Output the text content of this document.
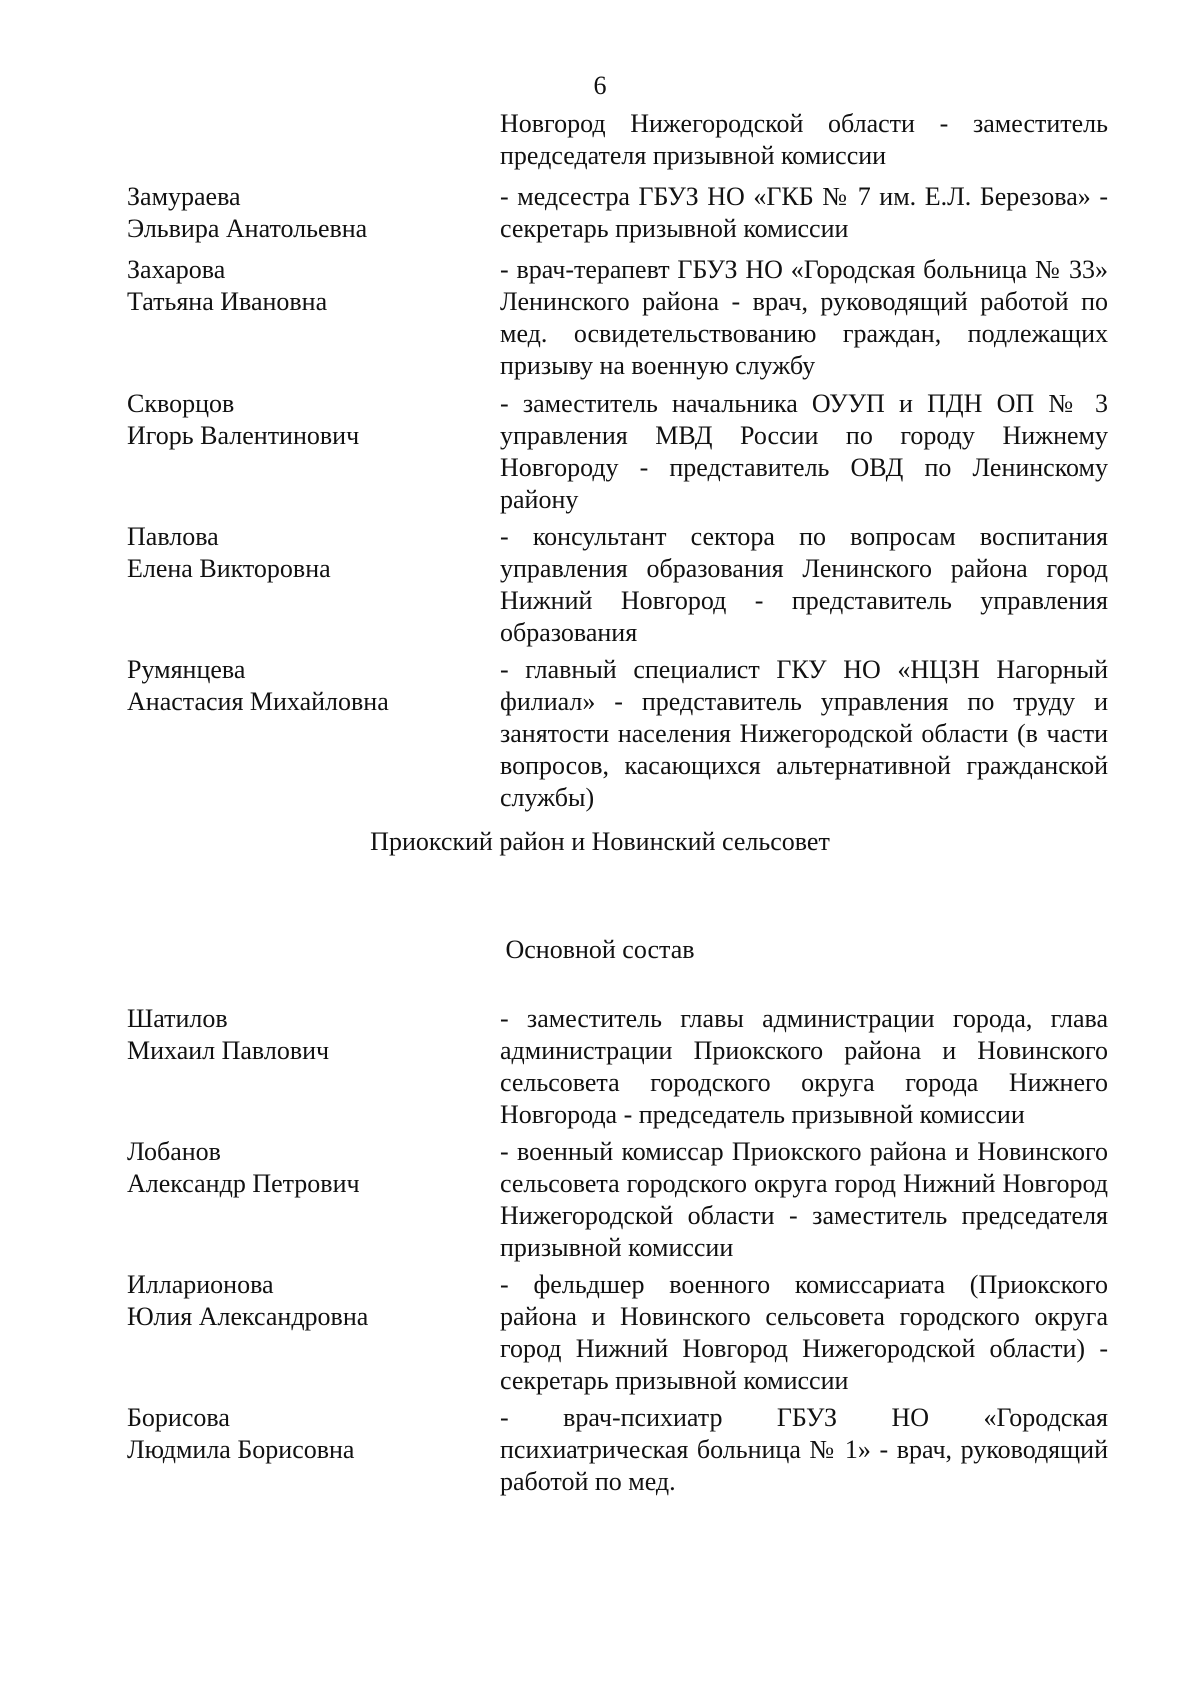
6
Новгород Нижегородской области - заместитель председателя призывной комиссии
Замураева
Эльвира Анатольевна
- медсестра ГБУЗ НО «ГКБ № 7 им. Е.Л. Березова» - секретарь призывной комиссии
Захарова
Татьяна Ивановна
- врач-терапевт ГБУЗ НО «Городская больница № 33» Ленинского района - врач, руководящий работой по мед. освидетельствованию граждан, подлежащих призыву на военную службу
Скворцов
Игорь Валентинович
- заместитель начальника ОУУП и ПДН ОП № 3 управления МВД России по городу Нижнему Новгороду - представитель ОВД по Ленинскому району
Павлова
Елена Викторовна
- консультант сектора по вопросам воспитания управления образования Ленинского района город Нижний Новгород - представитель управления образования
Румянцева
Анастасия Михайловна
- главный специалист ГКУ НО «НЦЗН Нагорный филиал» - представитель управления по труду и занятости населения Нижегородской области (в части вопросов, касающихся альтернативной гражданской службы)
Приокский район и Новинский сельсовет
Основной состав
Шатилов
Михаил Павлович
- заместитель главы администрации города, глава администрации Приокского района и Новинского сельсовета городского округа города Нижнего Новгорода - председатель призывной комиссии
Лобанов
Александр Петрович
- военный комиссар Приокского района и Новинского сельсовета городского округа город Нижний Новгород Нижегородской области - заместитель председателя призывной комиссии
Илларионова
Юлия Александровна
- фельдшер военного комиссариата (Приокского района и Новинского сельсовета городского округа город Нижний Новгород Нижегородской области) - секретарь призывной комиссии
Борисова
Людмила Борисовна
- врач-психиатр ГБУЗ НО «Городская психиатрическая больница № 1» - врач, руководящий работой по мед.
